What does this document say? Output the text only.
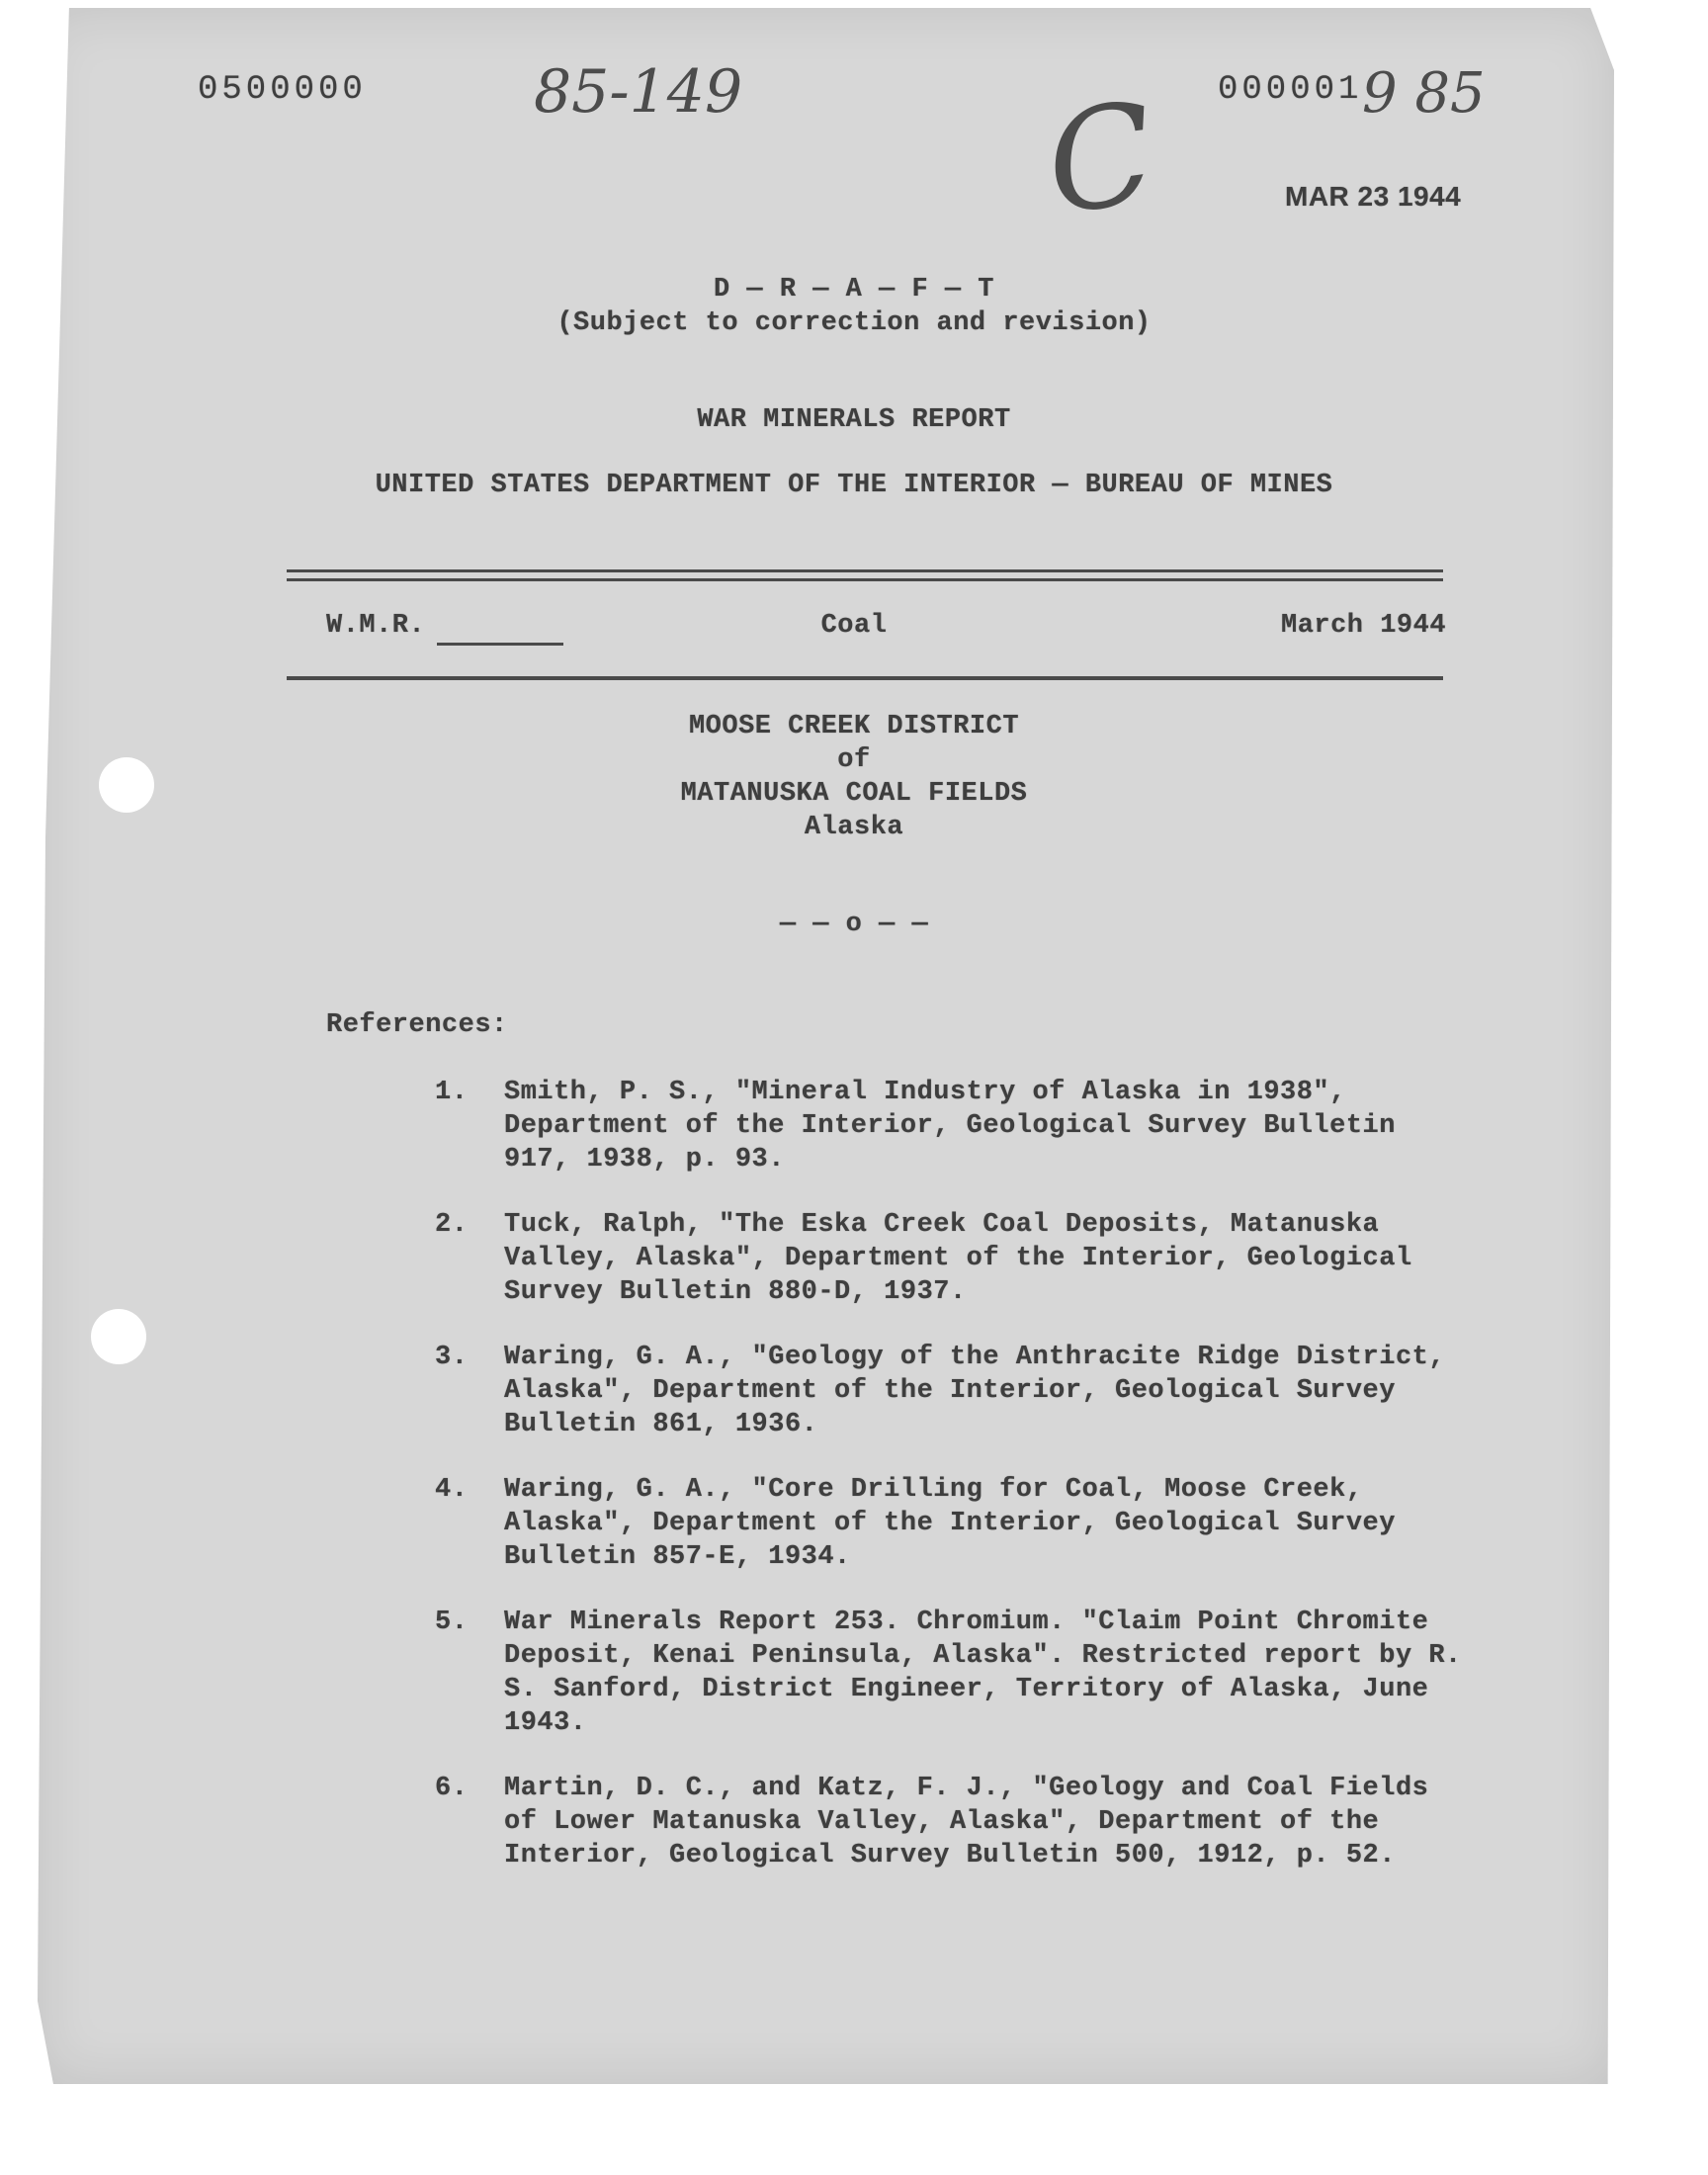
0500000	85-149	000001 9 85
C	MAR 23 1944
D — R — A — F — T
(Subject to correction and revision)
WAR MINERALS REPORT
UNITED STATES DEPARTMENT OF THE INTERIOR — BUREAU OF MINES
W.M.R.	Coal	March 1944
MOOSE CREEK DISTRICT
of
MATANUSKA COAL FIELDS
Alaska
— — o — —
References:

1.

Smith, P. S., "Mineral Industry of Alaska in 1938", Department of the Interior, Geological Survey Bulletin 917, 1938, p. 93.

2.

Tuck, Ralph, "The Eska Creek Coal Deposits, Matanuska Valley, Alaska", Department of the Interior, Geological Survey Bulletin 880-D, 1937.

3.

Waring, G. A., "Geology of the Anthracite Ridge District, Alaska", Department of the Interior, Geological Survey Bulletin 861, 1936.

4.

Waring, G. A., "Core Drilling for Coal, Moose Creek, Alaska", Department of the Interior, Geological Survey Bulletin 857-E, 1934.

5.

War Minerals Report 253. Chromium. "Claim Point Chromite Deposit, Kenai Peninsula, Alaska". Restricted report by R. S. Sanford, District Engineer, Territory of Alaska, June 1943.

6.

Martin, D. C., and Katz, F. J., "Geology and Coal Fields of Lower Matanuska Valley, Alaska", Department of the Interior, Geological Survey Bulletin 500, 1912, p. 52.
